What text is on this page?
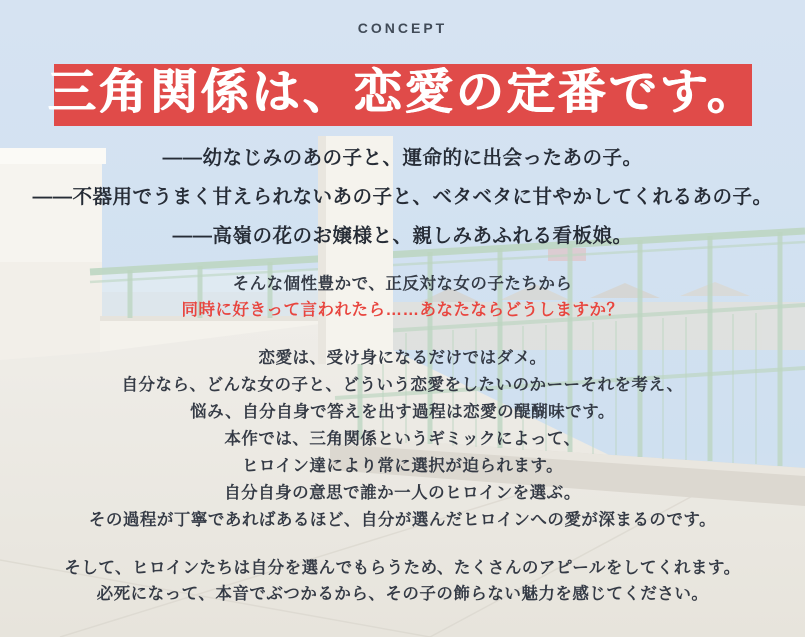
CONCEPT
三角関係は、恋愛の定番です。

――幼なじみのあの子と、運命的に出会ったあの子。

――不器用でうまく甘えられないあの子と、ベタベタに甘やかしてくれるあの子。

――高嶺の花のお嬢様と、親しみあふれる看板娘。

そんな個性豊かで、正反対な女の子たちから

同時に好きって言われたら……あなたならどうしますか？

恋愛は、受け身になるだけではダメ。

自分なら、どんな女の子と、どういう恋愛をしたいのかーーそれを考え、

悩み、自分自身で答えを出す過程は恋愛の醍醐味です。

本作では、三角関係というギミックによって、

ヒロイン達により常に選択が迫られます。

自分自身の意思で誰か一人のヒロインを選ぶ。

その過程が丁寧であればあるほど、自分が選んだヒロインへの愛が深まるのです。

そして、ヒロインたちは自分を選んでもらうため、たくさんのアピールをしてくれます。

必死になって、本音でぶつかるから、その子の飾らない魅力を感じてください。
